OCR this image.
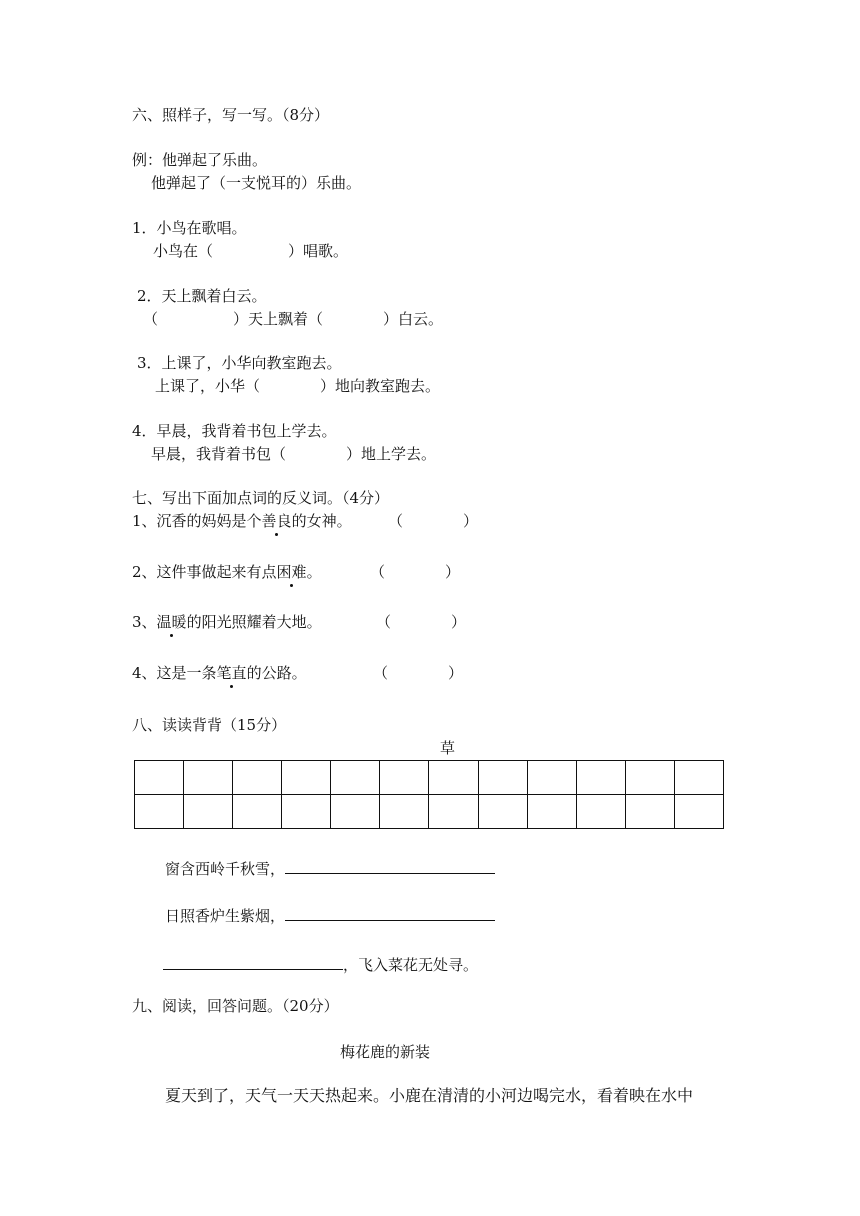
六、照样子，写一写。（8分）
例：他弹起了乐曲。
他弹起了（一支悦耳的）乐曲。
1．小鸟在歌唱。
小鸟在（　　　　　）唱歌。
2．天上飘着白云。
（　　　　　）天上飘着（　　　　）白云。
3．上课了，小华向教室跑去。
上课了，小华（　　　　）地向教室跑去。
4．早晨，我背着书包上学去。
早晨，我背着书包（　　　　）地上学去。
七、写出下面加点词的反义词。（4分）
1、沉香的妈妈是个善良的女神。 （　　　　）
2、这件事做起来有点困难。	（　　　　）
3、温暖的阳光照耀着大地。	（　　　　）
4、这是一条笔直的公路。	（　　　　）
八、读读背背（15分）
草

窗含西岭千秋雪，
日照香炉生紫烟，
，飞入菜花无处寻。
九、阅读，回答问题。（20分）
梅花鹿的新装
夏天到了，天气一天天热起来。小鹿在清清的小河边喝完水，看着映在水中
